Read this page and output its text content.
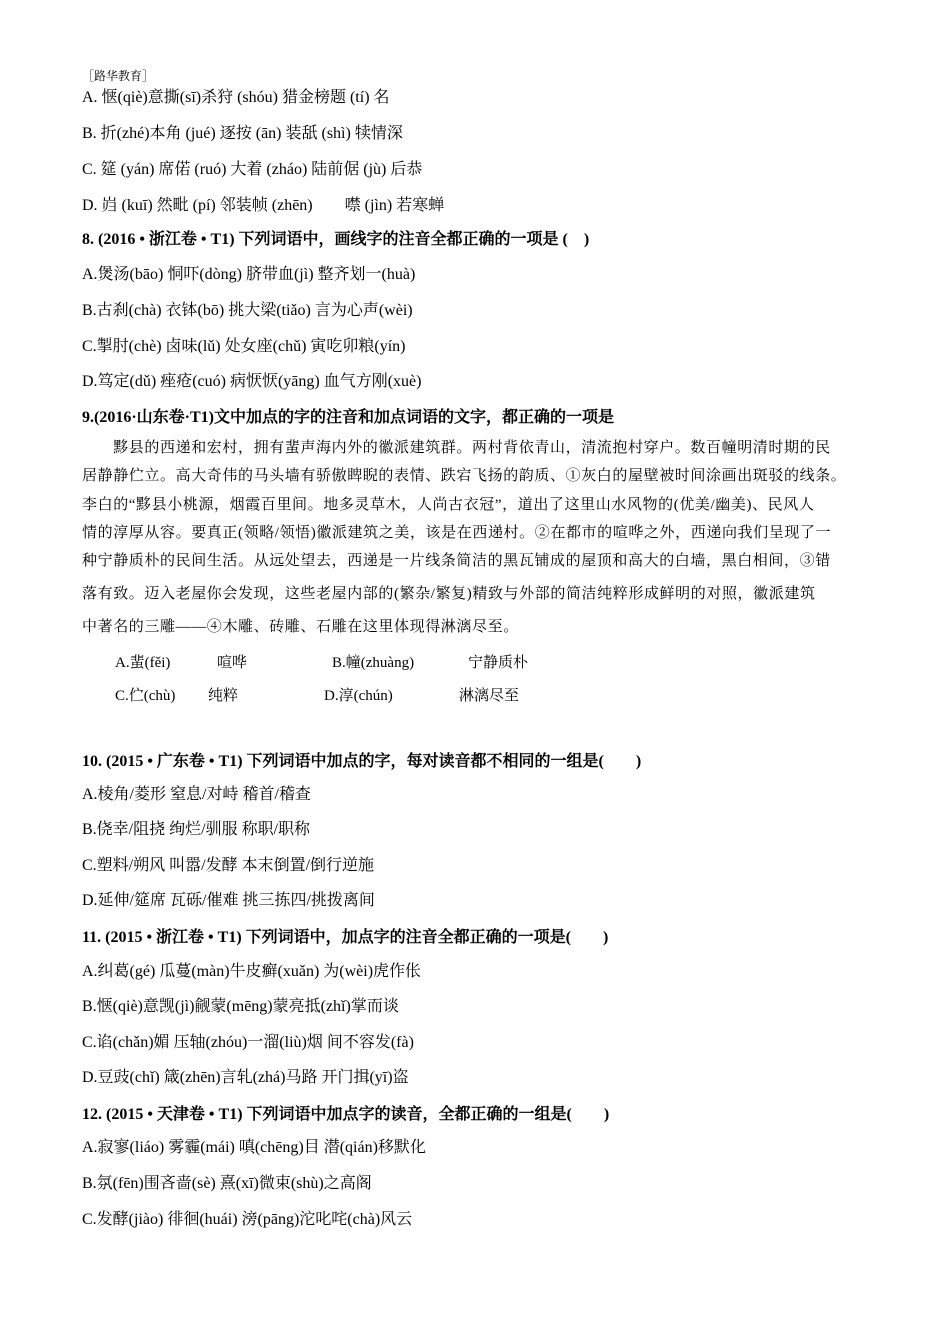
［路华教育］
A. 惬(qiè)意撕(sī)杀狩 (shóu) 猎金榜题 (tí) 名
B. 折(zhé)本角 (jué) 逐按 (ān) 装舐 (shì) 犊情深
C. 筵 (yán) 席偌 (ruó) 大着 (zháo) 陆前倨 (jù) 后恭
D. 岿 (kuī) 然毗 (pí) 邻装帧 (zhēn)　　噤 (jìn) 若寒蝉
8. (2016 • 浙江卷 • T1) 下列词语中，画线字的注音全都正确的一项是 (　)
A.煲汤(bāo) 恫吓(dòng) 脐带血(jì) 整齐划一(huà)
B.古刹(chà) 衣钵(bō) 挑大梁(tiǎo) 言为心声(wèi)
C.掣肘(chè) 卤味(lǔ) 处女座(chǔ) 寅吃卯粮(yín)
D.笃定(dǔ) 痤疮(cuó) 病恹恹(yāng) 血气方刚(xuè)
9.(2016·山东卷·T1)文中加点的字的注音和加点词语的文字，都正确的一项是
　　黟县的西递和宏村，拥有蜚声海内外的徽派建筑群。两村背依青山，清流抱村穿户。数百幢明清时期的民
居静静伫立。高大奇伟的马头墙有骄傲睥睨的表情、跌宕飞扬的韵质、①灰白的屋壁被时间涂画出斑驳的线条。
李白的“黟县小桃源，烟霞百里间。地多灵草木，人尚古衣冠”，道出了这里山水风物的(优美/幽美)、民风人
情的淳厚从容。要真正(领略/领悟)徽派建筑之美，该是在西递村。②在都市的喧哗之外，西递向我们呈现了一
种宁静质朴的民间生活。从远处望去，西递是一片线条简洁的黑瓦铺成的屋顶和高大的白墙，黑白相间，③错
落有致。迈入老屋你会发现，这些老屋内部的(繁杂/繁复)精致与外部的简洁纯粹形成鲜明的对照，徽派建筑
中著名的三雕——④木雕、砖雕、石雕在这里体现得淋漓尽至。
A.蜚(fěi)	喧哗	B.幢(zhuàng)	宁静质朴
C.伫(chù) 纯粹	D.淳(chún)	淋漓尽至
10. (2015 • 广东卷 • T1) 下列词语中加点的字，每对读音都不相同的一组是(　　)
A.棱角/菱形 窒息/对峙 稽首/稽查
B.侥幸/阻挠 绚烂/驯服 称职/职称
C.塑料/朔风 叫嚣/发酵 本末倒置/倒行逆施
D.延伸/筵席 瓦砾/催难 挑三拣四/挑拨离间
11. (2015 • 浙江卷 • T1) 下列词语中，加点字的注音全都正确的一项是(　　)
A.纠葛(gé) 瓜蔓(màn)牛皮癣(xuǎn) 为(wèi)虎作伥
B.惬(qiè)意觊(jì)觎蒙(mēng)蒙亮抵(zhǐ)掌而谈
C.谄(chǎn)媚 压轴(zhóu)一溜(liù)烟 间不容发(fà)
D.豆豉(chǐ) 箴(zhēn)言轧(zhá)马路 开门揖(yī)盗
12. (2015 • 天津卷 • T1) 下列词语中加点字的读音，全都正确的一组是(　　)
A.寂寥(liáo) 雾霾(mái) 嗔(chēng)目 潜(qián)移默化
B.氛(fēn)围吝啬(sè) 熹(xī)微束(shù)之高阁
C.发酵(jiào) 徘徊(huái) 滂(pāng)沱叱咤(chà)风云
